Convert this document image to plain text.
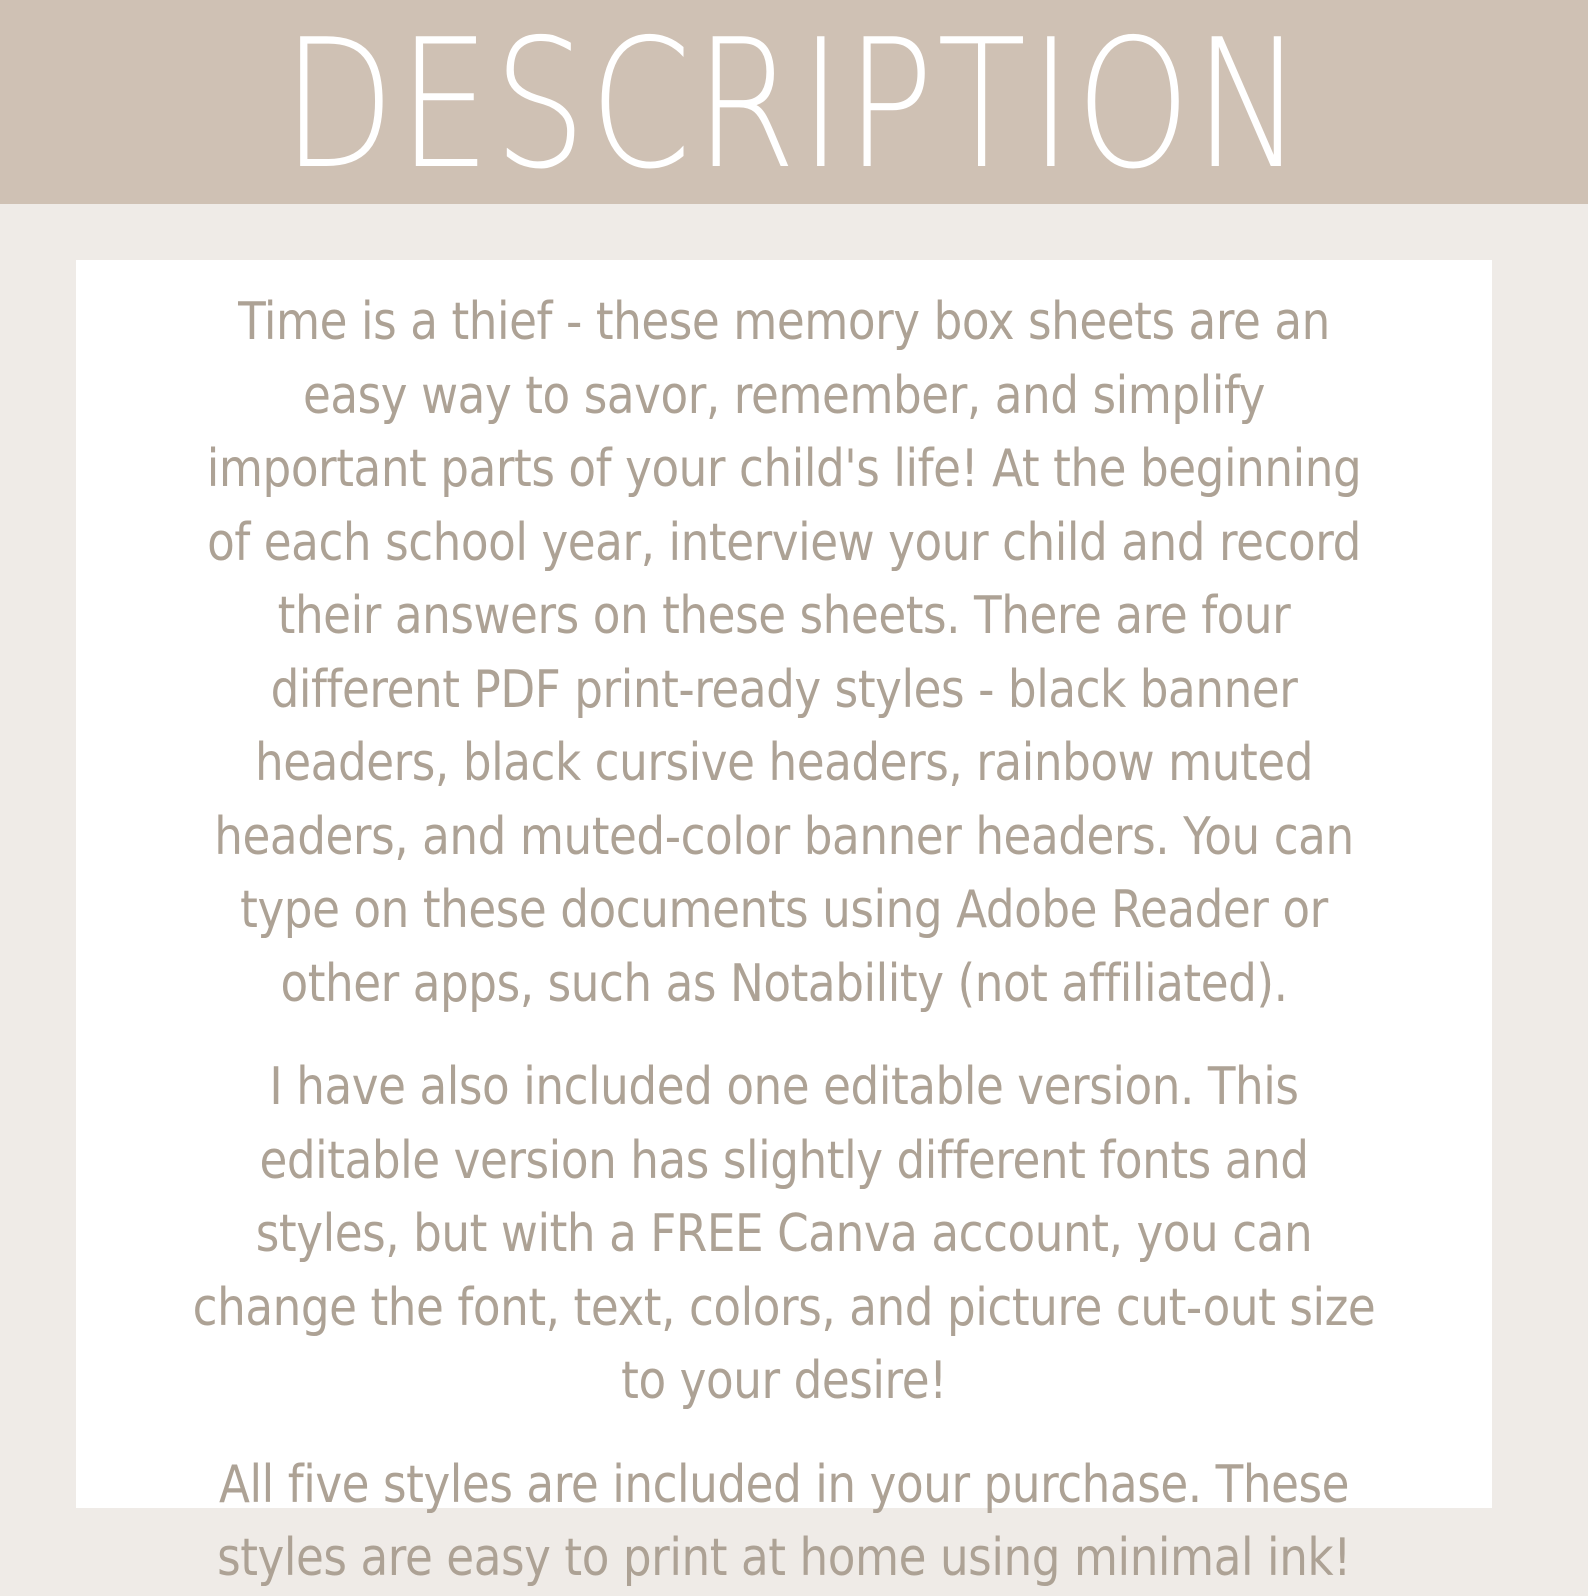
DESCRIPTION

Time is a thief - these memory box sheets are an easy way to savor, remember, and simplify important parts of your child's life! At the beginning of each school year, interview your child and record their answers on these sheets. There are four different PDF print-ready styles - black banner headers, black cursive headers, rainbow muted headers, and muted-color banner headers. You can type on these documents using Adobe Reader or other apps, such as Notability (not affiliated).

I have also included one editable version. This editable version has slightly different fonts and styles, but with a FREE Canva account, you can change the font, text, colors, and picture cut-out size to your desire!

All five styles are included in your purchase. These styles are easy to print at home using minimal ink!
